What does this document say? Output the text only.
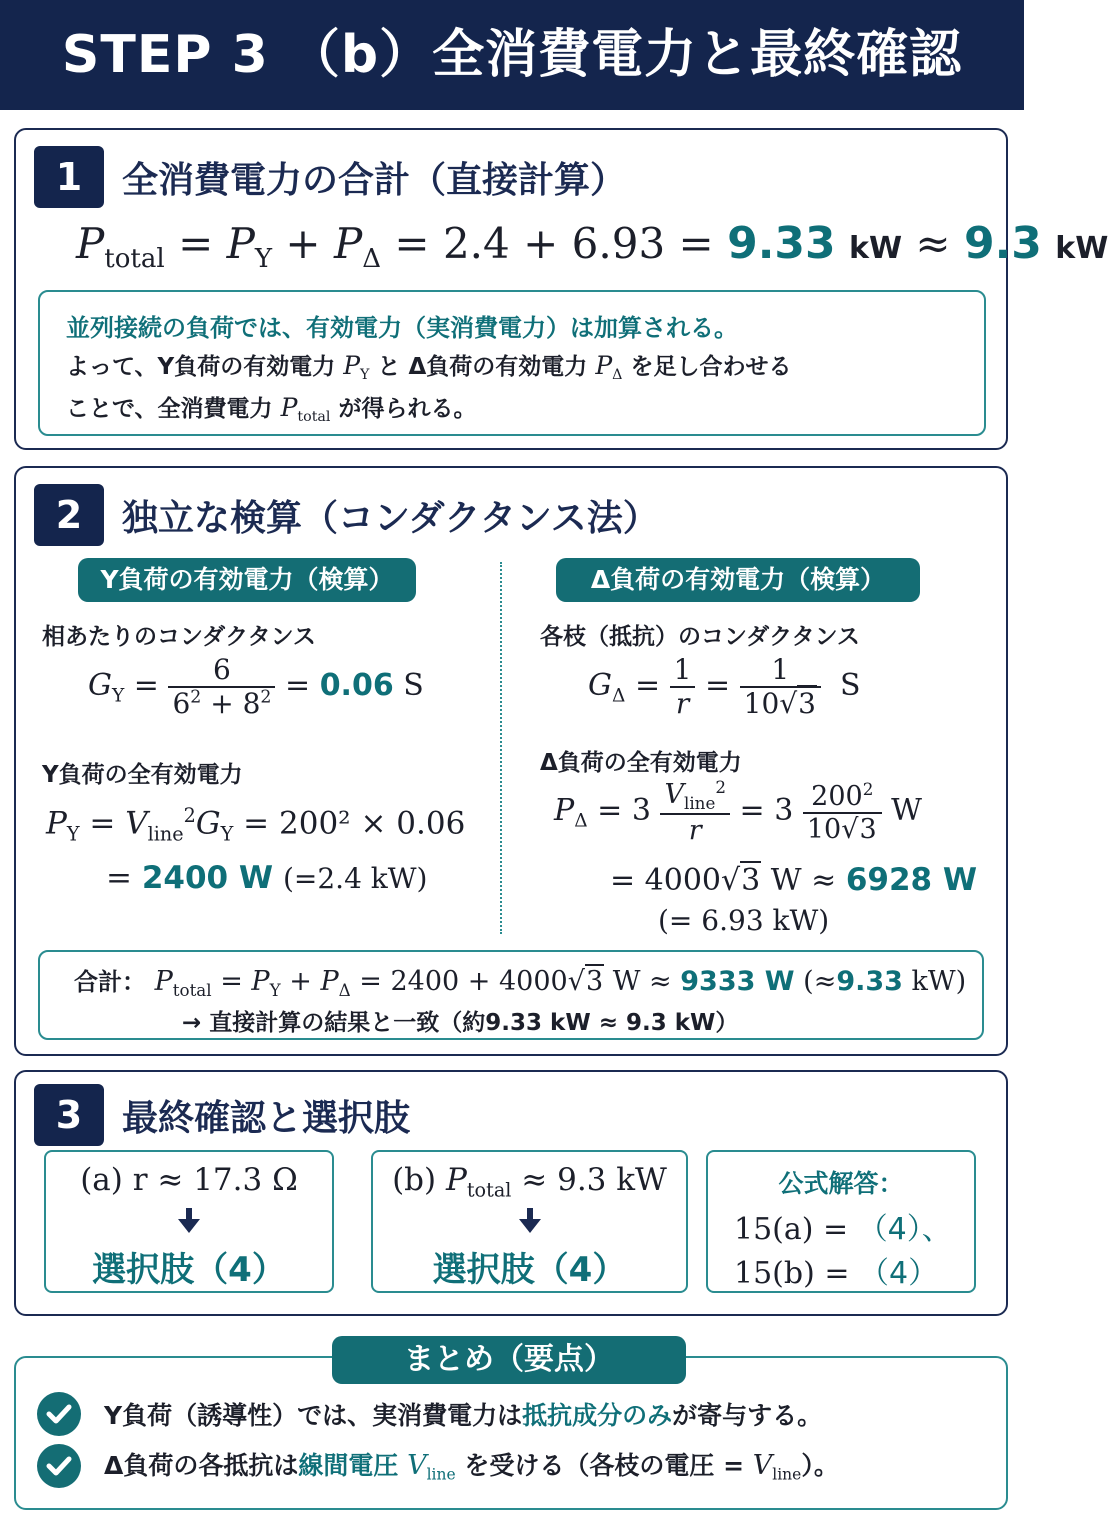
STEP 3 （b）全消費電力と最終確認
1	全消費電力の合計（直接計算）
$P_{total} = P_Y + P_\Delta = 2.4 + 6.93 = 9.33$ kW ≈ 9.3 kW
並列接続の負荷では、有効電力（実消費電力）は加算される。
よって、Y負荷の有効電力 $P_Y$ と Δ負荷の有効電力 $P_\Delta$ を足し合わせる
ことで、全消費電力 $P_{total}$ が得られる。
2	独立な検算（コンダクタンス法）
Y負荷の有効電力（検算）
相あたりのコンダクタンス
$G_Y = \frac{6}{6^2 + 8^2} = 0.06$ S
Y負荷の全有効電力
$P_Y = V_{line}^2G_Y = 200^2 \times 0.06$
= 2400 W (=2.4 kW)
Δ負荷の有効電力（検算）
各枝（抵抗）のコンダクタンス
$G_\Delta = \frac{1}{r} = \frac{1}{10√3}$ S
Δ負荷の全有効電力
$P_\Delta = 3 \frac{V_{line}^2}{r} = 3 \frac{200^2}{10√3}$ W
= 4000√3 W ≈ 6928 W
(= 6.93 kW)
合計： $P_{total} = P_Y + P_\Delta = 2400 + 4000√3$ W ≈ 9333 W (≈9.33 kW)
→ 直接計算の結果と一致（約9.33 kW ≈ 9.3 kW）
3	最終確認と選択肢
(a) r ≈ 17.3 Ω
選択肢（4）
(b) $P_{total} \approx 9.3$ kW
選択肢（4）
公式解答：
15(a) = （4）、
15(b) = （4）
まとめ（要点）
Y負荷（誘導性）では、実消費電力は抵抗成分のみが寄与する。
Δ負荷の各抵抗は線間電圧 $V_{line}$ を受ける（各枝の電圧 = $V_{line}$）。
